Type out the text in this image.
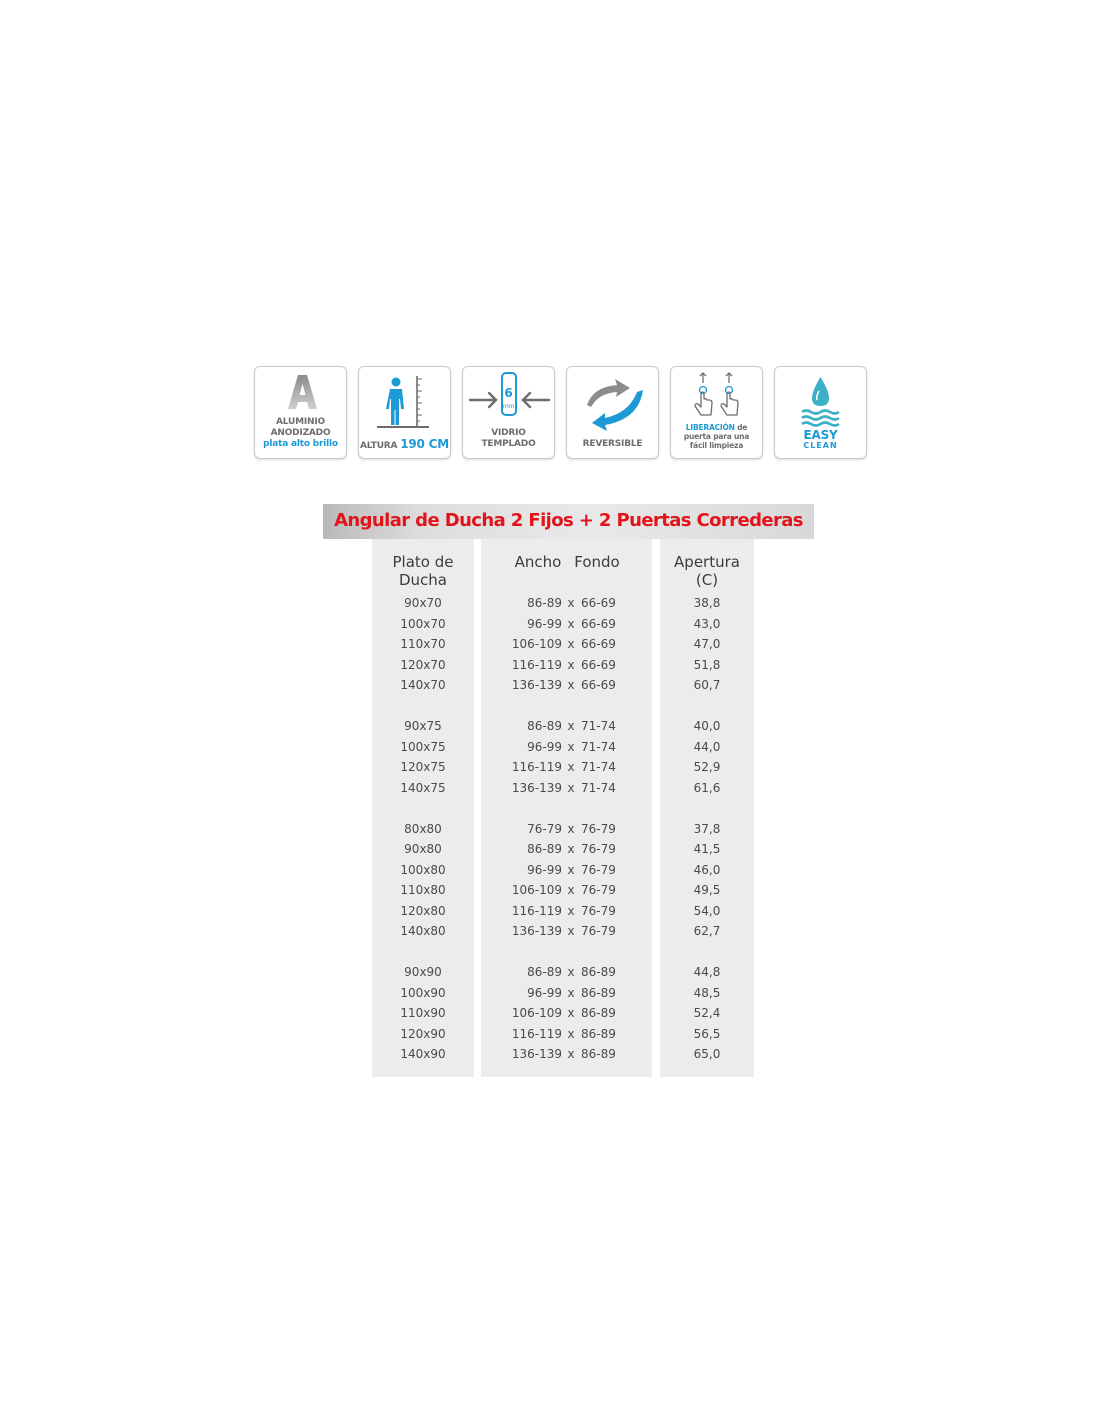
ALUMINIO
ANODIZADO
plata alto brillo	ALTURA 190 CM
6
mm
VIDRIO
TEMPLADO	REVERSIBLE
LIBERACIÓN de
puerta para una
fácil limpieza
EASY
CLEAN
Angular de Ducha 2 Fijos + 2 Puertas Correderas
Plato de
Ducha
Ancho Fondo	Apertura
(C)
90x70	86-89 x 66-69	38,8
100x70	96-99 x 66-69	43,0
110x70	106-109 x 66-69	47,0
120x70	116-119 x 66-69	51,8
140x70	136-139 x 66-69	60,7
90x75	86-89 x 71-74	40,0
100x75	96-99 x 71-74	44,0
120x75	116-119 x 71-74	52,9
140x75	136-139 x 71-74	61,6
80x80	76-79 x 76-79	37,8
90x80	86-89 x 76-79	41,5
100x80	96-99 x 76-79	46,0
110x80	106-109 x 76-79	49,5
120x80	116-119 x 76-79	54,0
140x80	136-139 x 76-79	62,7
90x90	86-89 x 86-89	44,8
100x90	96-99 x 86-89	48,5
110x90	106-109 x 86-89	52,4
120x90	116-119 x 86-89	56,5
140x90	136-139 x 86-89	65,0
